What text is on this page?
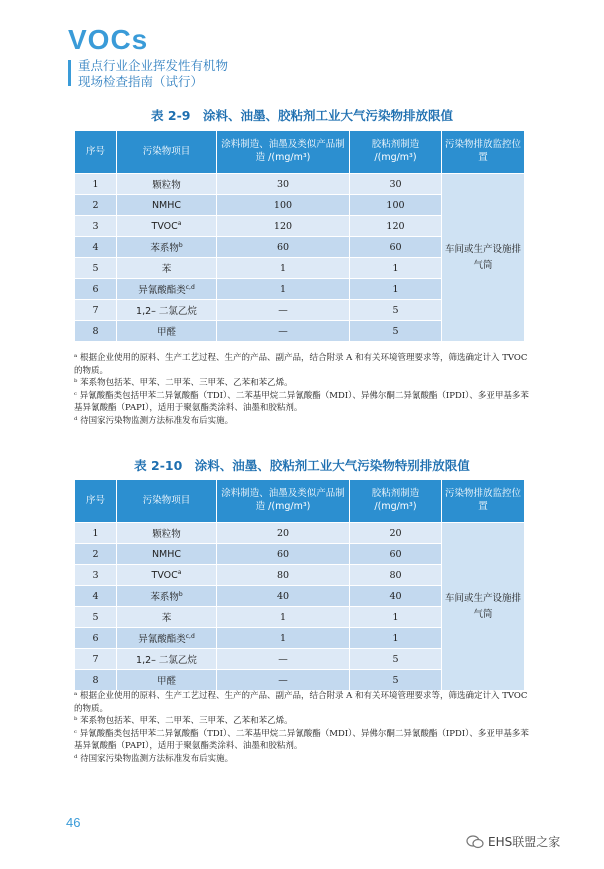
VOCs
重点行业企业挥发性有机物
现场检查指南（试行）
表 2-9　涂料、油墨、胶粘剂工业大气污染物排放限值
序号	污染物项目	涂料制造、油墨及类似产品制造 /(mg/m³)	胶粘剂制造 /(mg/m³)	污染物排放监控位置
1	颗粒物	30	30	车间或生产设施排气筒
2	NMHC	100	100	
3	TVOC$^a$	120	120	
4	苯系物$^b$	60	60	
5	苯	1	1	
6	异氰酸酯类$^{c,d}$	1	1	
7	1,2– 二氯乙烷	—	5	
8	甲醛	—	5	

ᵃ 根据企业使用的原料、生产工艺过程、生产的产品、副产品，结合附录 A 和有关环境管理要求等，筛选确定计入 TVOC 的物质。

ᵇ 苯系物包括苯、甲苯、二甲苯、三甲苯、乙苯和苯乙烯。

ᶜ 异氰酸酯类包括甲苯二异氰酸酯（TDI）、二苯基甲烷二异氰酸酯（MDI）、异佛尔酮二异氰酸酯（IPDI）、多亚甲基多苯基异氰酸酯（PAPI），适用于聚氨酯类涂料、油墨和胶粘剂。

ᵈ 待国家污染物监测方法标准发布后实施。

表 2-10　涂料、油墨、胶粘剂工业大气污染物特别排放限值
序号	污染物项目	涂料制造、油墨及类似产品制造 /(mg/m³)	胶粘剂制造 /(mg/m³)	污染物排放监控位置
1	颗粒物	20	20	车间或生产设施排气筒
2	NMHC	60	60	
3	TVOC$^a$	80	80	
4	苯系物$^b$	40	40	
5	苯	1	1	
6	异氰酸酯类$^{c,d}$	1	1	
7	1,2– 二氯乙烷	—	5	
8	甲醛	—	5	

ᵃ 根据企业使用的原料、生产工艺过程、生产的产品、副产品，结合附录 A 和有关环境管理要求等，筛选确定计入 TVOC 的物质。

ᵇ 苯系物包括苯、甲苯、二甲苯、三甲苯、乙苯和苯乙烯。

ᶜ 异氰酸酯类包括甲苯二异氰酸酯（TDI）、二苯基甲烷二异氰酸酯（MDI）、异佛尔酮二异氰酸酯（IPDI）、多亚甲基多苯基异氰酸酯（PAPI），适用于聚氨酯类涂料、油墨和胶粘剂。

ᵈ 待国家污染物监测方法标准发布后实施。

46
EHS联盟之家
